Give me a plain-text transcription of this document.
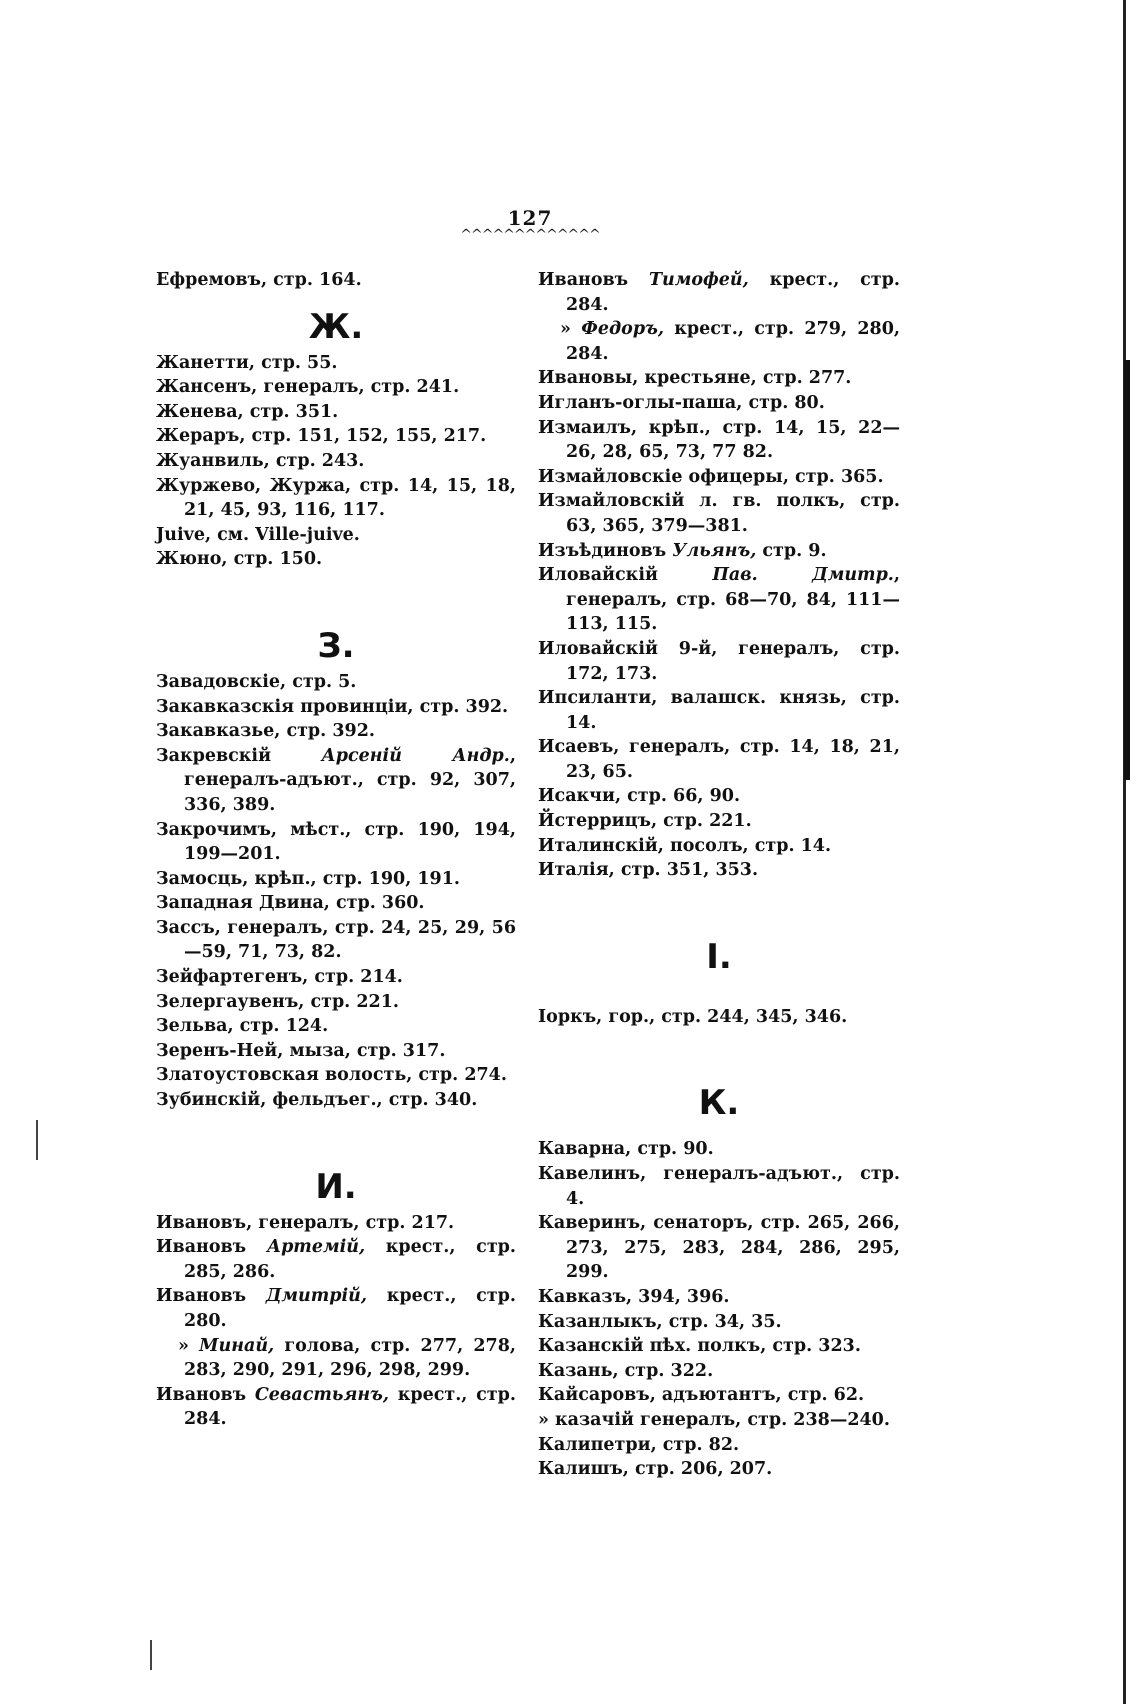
127
^^^^^^^^^^^^^
Ефремовъ, стр. 164.
Ж.
Жанетти, стр. 55.
Жансенъ, генералъ, стр. 241.
Женева, стр. 351.
Жераръ, стр. 151, 152, 155, 217.
Жуанвиль, стр. 243.
Журжево, Журжа, стр. 14, 15, 18, 21, 45, 93, 116, 117.
Juive, см. Ville-juive.
Жюно, стр. 150.
З.
Завадовскіе, стр. 5.
Закавказскія провинціи, стр. 392.
Закавказье, стр. 392.
Закревскій Арсеній Андр., генералъ-адъют., стр. 92, 307, 336, 389.
Закрочимъ, мѣст., стр. 190, 194, 199—201.
Замосць, крѣп., стр. 190, 191.
Западная Двина, стр. 360.
Зассъ, генералъ, стр. 24, 25, 29, 56—59, 71, 73, 82.
Зейфартегенъ, стр. 214.
Зелергаувенъ, стр. 221.
Зельва, стр. 124.
Зеренъ-Ней, мыза, стр. 317.
Златоустовская волость, стр. 274.
Зубинскій, фельдъег., стр. 340.
И.
Ивановъ, генералъ, стр. 217.
Ивановъ Артемій, крест., стр. 285, 286.
Ивановъ Дмитрій, крест., стр. 280.
» Минай, голова, стр. 277, 278, 283, 290, 291, 296, 298, 299.
Ивановъ Севастьянъ, крест., стр. 284.
Ивановъ Тимофей, крест., стр. 284.
» Федоръ, крест., стр. 279, 280, 284.
Ивановы, крестьяне, стр. 277.
Игланъ-оглы-паша, стр. 80.
Измаилъ, крѣп., стр. 14, 15, 22—26, 28, 65, 73, 77 82.
Измайловскіе офицеры, стр. 365.
Измайловскій л. гв. полкъ, стр. 63, 365, 379—381.
Изъѣдиновъ Ульянъ, стр. 9.
Иловайскій Пав. Дмитр., генералъ, стр. 68—70, 84, 111—113, 115.
Иловайскій 9-й, генералъ, стр. 172, 173.
Ипсиланти, валашск. князь, стр. 14.
Исаевъ, генералъ, стр. 14, 18, 21, 23, 65.
Исакчи, стр. 66, 90.
Йстеррицъ, стр. 221.
Италинскій, посолъ, стр. 14.
Италія, стр. 351, 353.
І.
Іоркъ, гор., стр. 244, 345, 346.
К.
Каварна, стр. 90.
Кавелинъ, генералъ-адъют., стр. 4.
Каверинъ, сенаторъ, стр. 265, 266, 273, 275, 283, 284, 286, 295, 299.
Кавказъ, 394, 396.
Казанлыкъ, стр. 34, 35.
Казанскій пѣх. полкъ, стр. 323.
Казань, стр. 322.
Кайсаровъ, адъютантъ, стр. 62.
» казачій генералъ, стр. 238—240.
Калипетри, стр. 82.
Калишъ, стр. 206, 207.
